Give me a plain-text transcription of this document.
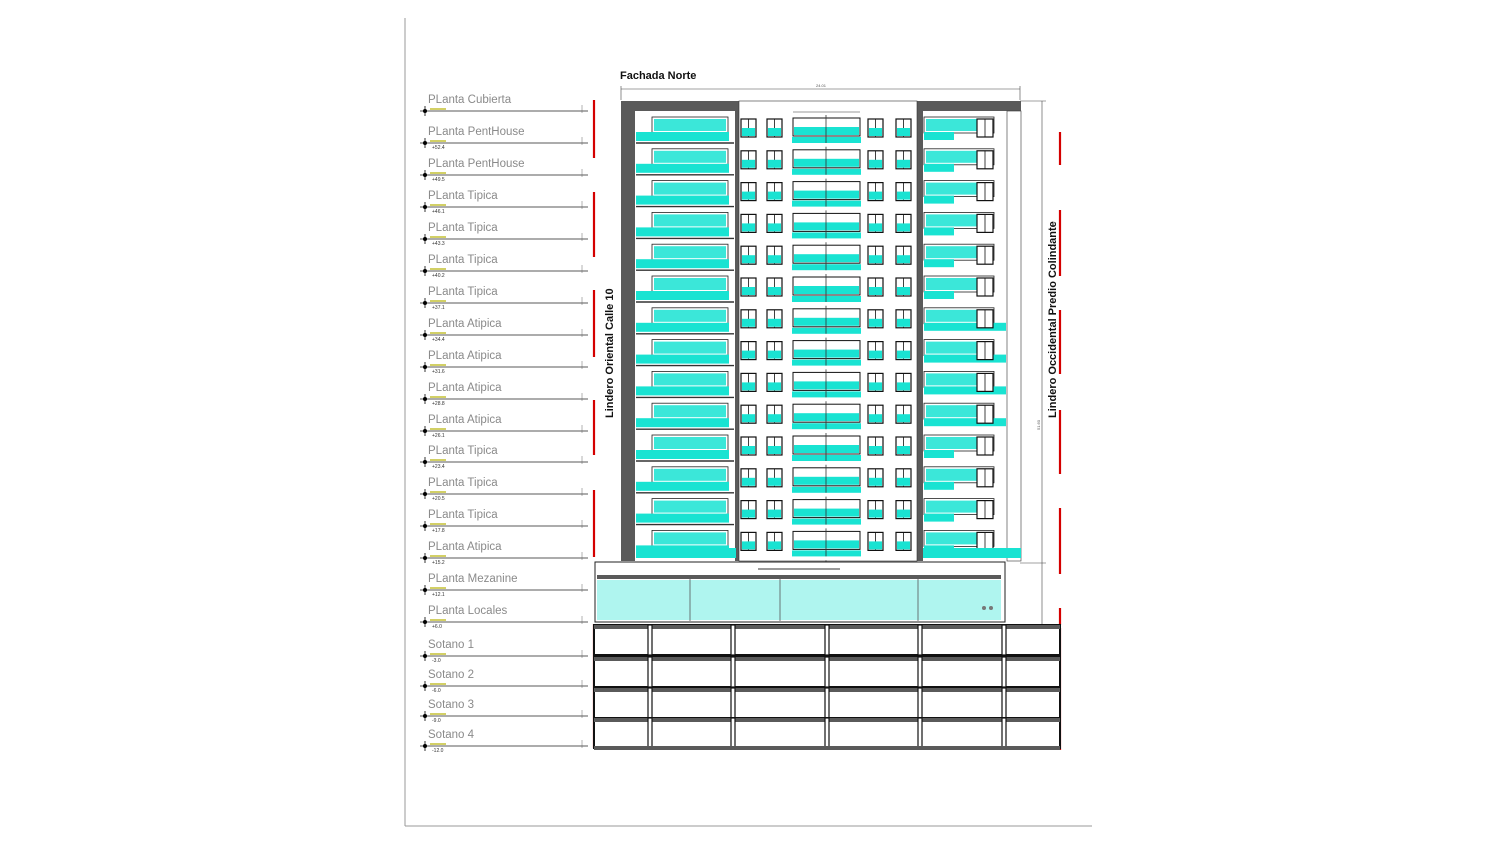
Fachada Norte
24.01
51.60
Lindero Oriental Calle 10	Lindero Occidental Predio Colindante
PLanta Cubierta
PLanta PentHouse
+52.4
PLanta PentHouse
+49.5
PLanta Tipica
+46.1
PLanta Tipica
+43.3
PLanta Tipica
+40.2
PLanta Tipica
+37.1
PLanta Atipica
+34.4
PLanta Atipica
+31.6
PLanta Atipica
+28.8
PLanta Atipica
+26.1
PLanta Tipica
+23.4
PLanta Tipica
+20.5
PLanta Tipica
+17.8
PLanta Atipica
+15.2
PLanta Mezanine
+12.1
PLanta Locales
+6.0
Sotano 1
-3.0
Sotano 2
-6.0
Sotano 3
-9.0
Sotano 4
-12.0
